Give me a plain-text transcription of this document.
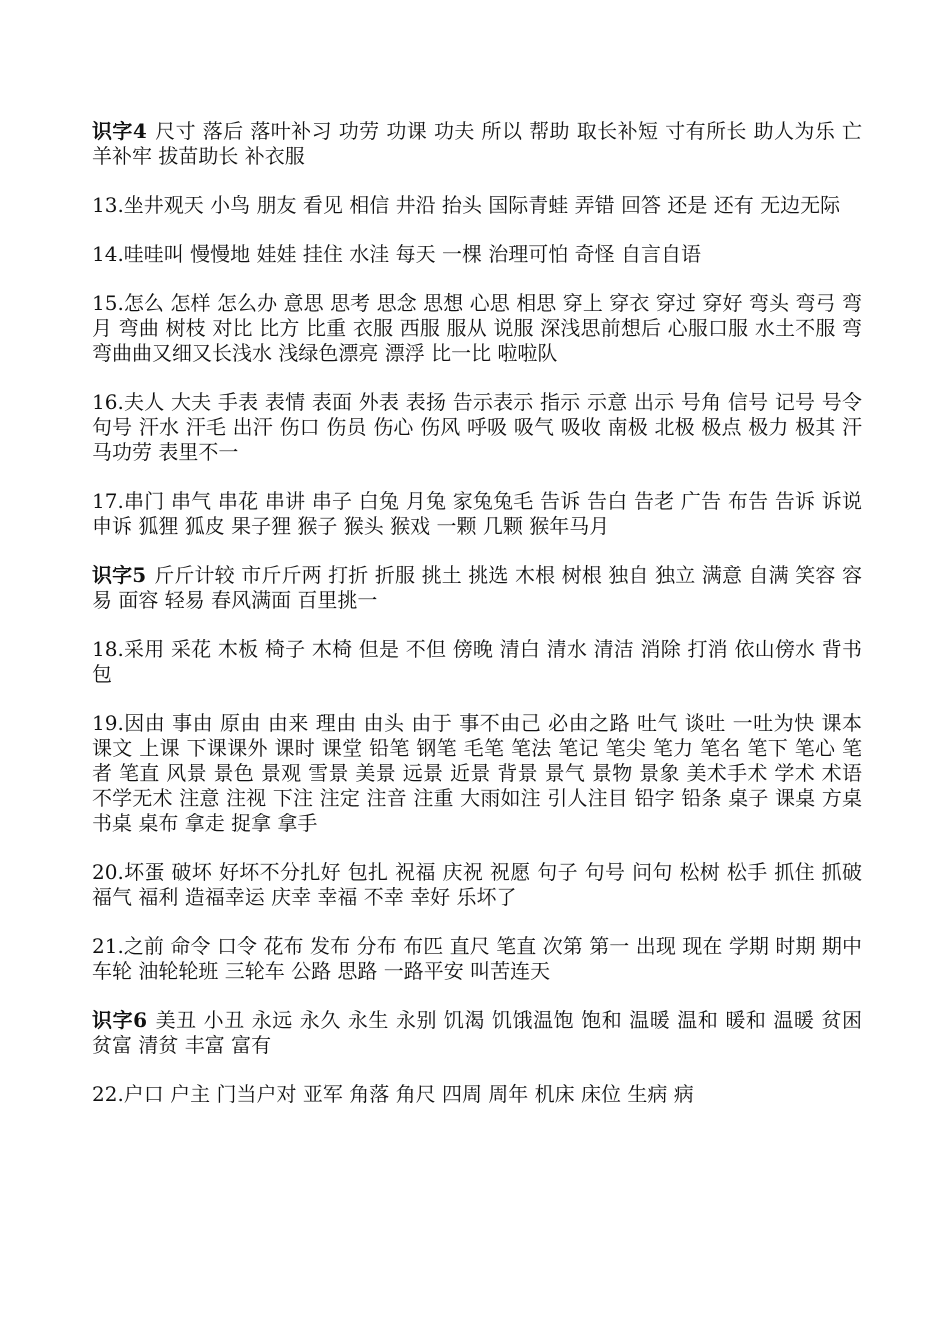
识字4 尺寸 落后 落叶补习 功劳 功课 功夫 所以 帮助 取长补短 寸有所长 助人为乐 亡羊补牢 拔苗助长 补衣服

13.坐井观天 小鸟 朋友 看见 相信 井沿 抬头 国际青蛙 弄错 回答 还是 还有 无边无际

14.哇哇叫 慢慢地 娃娃 挂住 水洼 每天 一棵 治理可怕 奇怪 自言自语

15.怎么 怎样 怎么办 意思 思考 思念 思想 心思 相思 穿上 穿衣 穿过 穿好 弯头 弯弓 弯月 弯曲 树枝 对比 比方 比重 衣服 西服 服从 说服 深浅思前想后 心服口服 水土不服 弯弯曲曲又细又长浅水 浅绿色漂亮 漂浮 比一比 啦啦队

16.夫人 大夫 手表 表情 表面 外表 表扬 告示表示 指示 示意 出示 号角 信号 记号 号令 句号 汗水 汗毛 出汗 伤口 伤员 伤心 伤风 呼吸 吸气 吸收 南极 北极 极点 极力 极其 汗马功劳 表里不一

17.串门 串气 串花 串讲 串子 白兔 月兔 家兔兔毛 告诉 告白 告老 广告 布告 告诉 诉说 申诉 狐狸 狐皮 果子狸 猴子 猴头 猴戏 一颗 几颗 猴年马月

识字5 斤斤计较 市斤斤两 打折 折服 挑土 挑选 木根 树根 独自 独立 满意 自满 笑容 容易 面容 轻易 春风满面 百里挑一

18.采用 采花 木板 椅子 木椅 但是 不但 傍晚 清白 清水 清洁 消除 打消 依山傍水 背书包

19.因由 事由 原由 由来 理由 由头 由于 事不由己 必由之路 吐气 谈吐 一吐为快 课本 课文 上课 下课课外 课时 课堂 铅笔 钢笔 毛笔 笔法 笔记 笔尖 笔力 笔名 笔下 笔心 笔者 笔直 风景 景色 景观 雪景 美景 远景 近景 背景 景气 景物 景象 美术手术 学术 术语 不学无术 注意 注视 下注 注定 注音 注重 大雨如注 引人注目 铅字 铅条 桌子 课桌 方桌 书桌 桌布 拿走 捉拿 拿手

20.坏蛋 破坏 好坏不分扎好 包扎 祝福 庆祝 祝愿 句子 句号 问句 松树 松手 抓住 抓破 福气 福利 造福幸运 庆幸 幸福 不幸 幸好 乐坏了

21.之前 命令 口令 花布 发布 分布 布匹 直尺 笔直 次第 第一 出现 现在 学期 时期 期中 车轮 油轮轮班 三轮车 公路 思路 一路平安 叫苦连天

识字6 美丑 小丑 永远 永久 永生 永别 饥渴 饥饿温饱 饱和 温暖 温和 暖和 温暖 贫困 贫富 清贫 丰富 富有

22.户口 户主 门当户对 亚军 角落 角尺 四周 周年 机床 床位 生病 病
